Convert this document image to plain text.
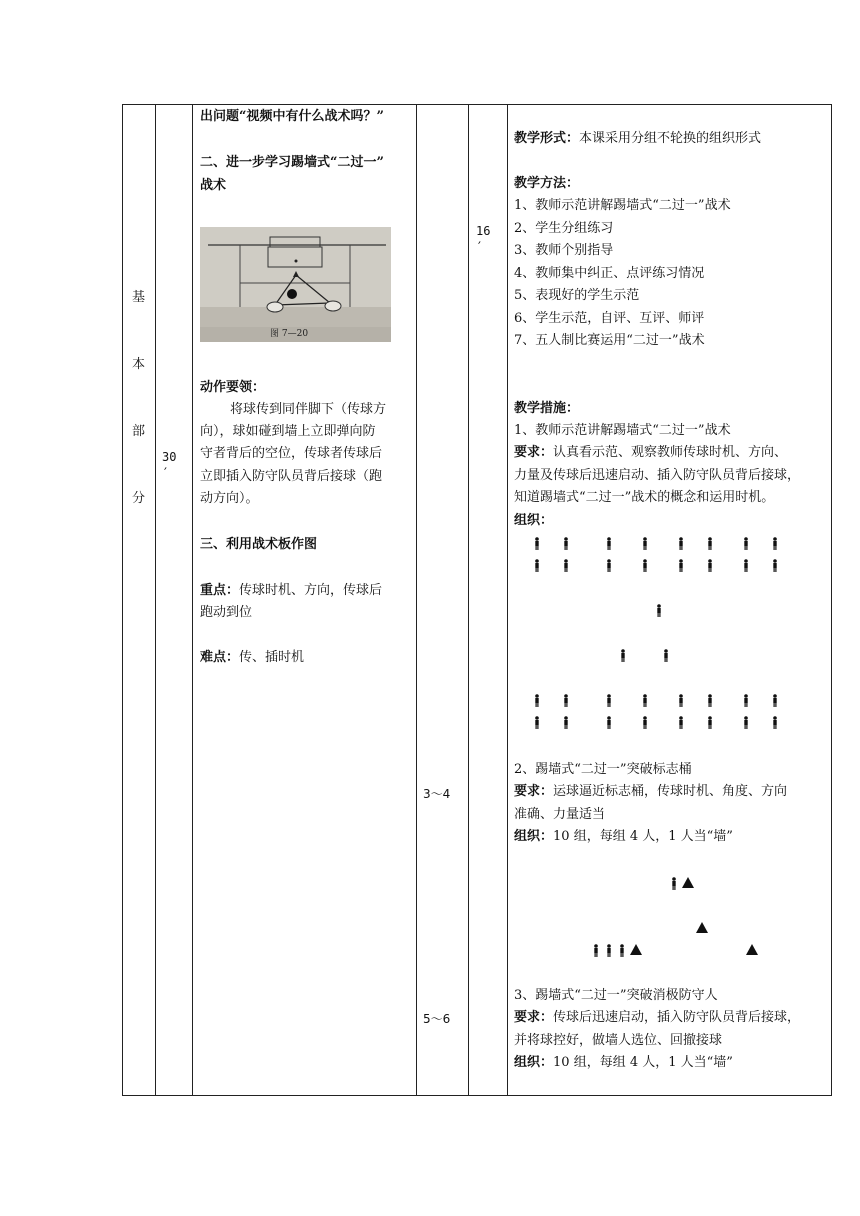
基
本
部
分
30
′
出问题“视频中有什么战术吗？”
二、进一步学习踢墙式“二过一”
战术
图 7—20
动作要领：
将球传到同伴脚下（传球方
向），球如碰到墙上立即弹向防
守者背后的空位，传球者传球后
立即插入防守队员背后接球（跑
动方向）。
三、利用战术板作图
重点：传球时机、方向，传球后
跑动到位
难点：传、插时机
3～4
5～6
16
′
教学形式：本课采用分组不轮换的组织形式
教学方法：
1、教师示范讲解踢墙式“二过一”战术
2、学生分组练习
3、教师个别指导
4、教师集中纠正、点评练习情况
5、表现好的学生示范
6、学生示范，自评、互评、师评
7、五人制比赛运用“二过一”战术
教学措施：
1、教师示范讲解踢墙式“二过一”战术
要求：认真看示范、观察教师传球时机、方向、
力量及传球后迅速启动、插入防守队员背后接球，
知道踢墙式“二过一”战术的概念和运用时机。
组织：
2、踢墙式“二过一”突破标志桶
要求：运球逼近标志桶，传球时机、角度、方向
准确、力量适当
组织：10 组，每组 4 人，1 人当“墙”
3、踢墙式“二过一”突破消极防守人
要求：传球后迅速启动，插入防守队员背后接球，
并将球控好，做墙人选位、回撤接球
组织：10 组，每组 4 人，1 人当“墙”
